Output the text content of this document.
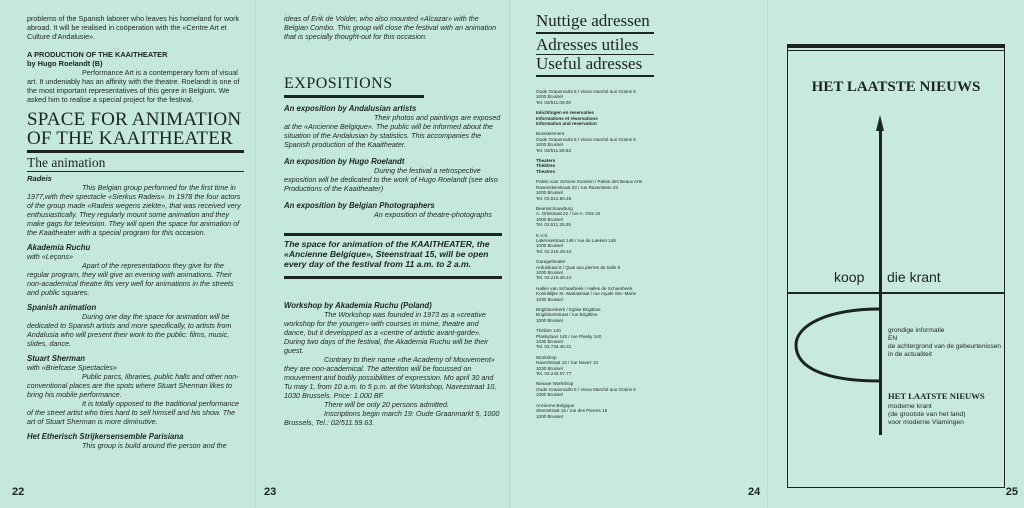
problems of the Spanish laborer who leaves his homeland for work abroad. It will be realised in coöperation with the «Centre Art et Culture d'Andalusie».

A PRODUCTION OF THE KAAITHEATER

by Hugo Roelandt (B)

Performance Art is a contemperary form of visual art. It undeniably has an affinity with the theatre. Roelandt is one of the most important representatives of this genre in Belgium. We asked him to realise a special project for the festival.

SPACE FOR ANIMATION OF THE KAAITHEATER
The animation

Radeis

This Belgian group performed for the first time in 1977,with their spectacle «Sierkus Radeis». In 1978 the four actors of the group made «Radeis wegens ziekte», that was received very enthusiastically. They regularly mount some animation and they make gags for television. They will open the space for animation of the Kaaitheater with a special program for this occasion.

Akademia Ruchu

with «Leçons»

Apart of the representations they give for the regular program, they will give an evening with animations. Their non-academical theatre fits very well for animations in the streets and public squares.

Spanish animation

During one day the space for animation will be dedicated to Spanish artists and more specifically, to artists from Andalusia who will present their work to the public: films, music, slides, dance.

Stuart Sherman

with «Briefcase Spectacles»

Public parcs, libraries, public halls and other non-conventional places are the spots where Stuart Sherman likes to bring his mobile performance.

It is totally opposed to the traditional performance of the street artist who tries hard to sell himself and his show. The art of Stuart Sherman is more diminutive.

Het Etherisch Strijkersensemble Parisiana

This group is build around the person and the

22

ideas of Erik de Volder, who also mounted «Alcazar» with the Belgian Combo. This group will close the festival with an animation that is specially thought-out for this occasion.

EXPOSITIONS

An exposition by Andalusian artists

Their photos and paintings are exposed at the «Ancienne Belgique». The public will be informed about the situation of the Andalusian by statistics. This accompanies the Spanish production of the Kaaitheater.

An exposition by Hugo Roelandt

During the festival a retrospective exposition will be dedicated to the work of Hugo Roelandt (see also Productions of the Kaaitheater)

An exposition by Belgian Photographers

An exposition of theatre-photographs

The space for animation of the KAAITHEATER, the «Ancienne Belgique», Steenstraat 15, will be open every day of the festival from 11 a.m. to 2 a.m.

Workshop by Akademia Ruchu (Poland)

The Workshop was founded in 1973 as a «creative workshop for the younger» with courses in mime, theatre and dance, but it developped as a «centre of artistic avant-garde». During two days of the festival, the Akademia Ruchu will be their guest.

Contrary to their name «the Academy of Mouvement» they are non-academical. The attention will be focussed on mouvement and bodily possibilities of expression. Mo april 30 and Tu may 1, from 10 a.m. to 5 p.m. at the Workshop, Navezstraat 10, 1030 Brussels. Price: 1.000 BF.

There will be only 20 persons admitted.

Inscriptions begin march 19: Oude Graanmarkt 5, 1000 Brussels, Tel.: 02/511.59.63.

23
Nuttige adressen
Adresses utiles
Useful adresses
Oude Graanmarkt 5 / Vieux marché aux Grains 5
1000 Brussel
Tel. 02/511.09.00
Inlichtingen en reservaties
Informations et réservations
Information and reservation
Brusselement
Oude Graanmarkt 5 / Vieux marché aux Grains 5
1000 Brussel
Tel. 02/511.59.63
Theaters
Théâtres
Theatres
Paleis voor Schone Kunsten / Palais des Beaux Arts
Ravensteinstraat 23 / rue Ravenstein 23
1000 Brussel
Tel. 02.512.50.45
Beursschouwburg
A. Ortsstraat 22 / rue A. Orts 22
1000 Brussel
Tel. 02.511.25.25
K.V.S.
Lakensestraat 146 / rue de Laeken 146
1000 Brussel
Tel. 02.219.49.44
Garagetheater
Arduinkaai 8 / Quai aux pierres de taille 8
1000 Brussel
Tel. 02.219.49.44
Hallen van Schaarbeek / Halles de Schaerbeek
Koninklijke St.-Mariastraat / rue royale Ste.-Marie
1030 Brussel
Brigittinenkerk / Eglise Brigittine
Brigittinenstraat / rue Brigittine
1000 Brussel
Théâtre 140
Plaskylaan 140 / rue Plasky 140
1030 Brussel
Tel. 02.734.46.31
Workshop
Navezstraat 10 / rue Navez 10
1030 Brussel
Tel. 02.242.07.77
Nieuwe Workshop
Oude Graanmarkt 5 / Vieux Marché aux Grains 5
1000 Brussel
Ancienne Belgique
Steenstraat 15 / rue des Pierres 15
1000 Brussel
24
HET LAATSTE NIEUWS
koop die krant
grondige informatie
EN
de achtergrond van de gebeurtenissen in de actualiteit
HET LAATSTE NIEUWS
moderne krant
(de grootste van het land)
voor moderne Vlamingen
25
